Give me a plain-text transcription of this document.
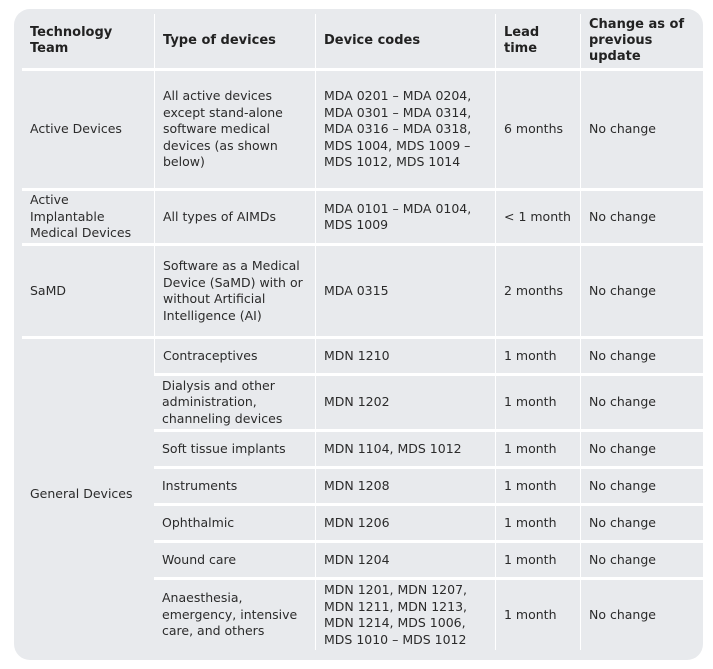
Technology Team	Type of devices	Device codes	Lead time	Change as of previous update
Active Devices	All active devices except stand-alone software medical devices (as shown below)	MDA 0201 – MDA 0204, MDA 0301 – MDA 0314, MDA 0316 – MDA 0318, MDS 1004, MDS 1009 – MDS 1012, MDS 1014	6 months	No change
Active Implantable Medical Devices	All types of AIMDs	MDA 0101 – MDA 0104, MDS 1009	< 1 month	No change
SaMD	Software as a Medical Device (SaMD) with or without Artificial Intelligence (AI)	MDA 0315	2 months	No change
General Devices	Contraceptives	MDN 1210	1 month	No change
	Dialysis and other administration, channeling devices	MDN 1202	1 month	No change
	Soft tissue implants	MDN 1104, MDS 1012	1 month	No change
	Instruments	MDN 1208	1 month	No change
	Ophthalmic	MDN 1206	1 month	No change
	Wound care	MDN 1204	1 month	No change
	Anaesthesia, emergency, intensive care, and others	MDN 1201, MDN 1207, MDN 1211, MDN 1213, MDN 1214, MDS 1006, MDS 1010 – MDS 1012	1 month	No change
